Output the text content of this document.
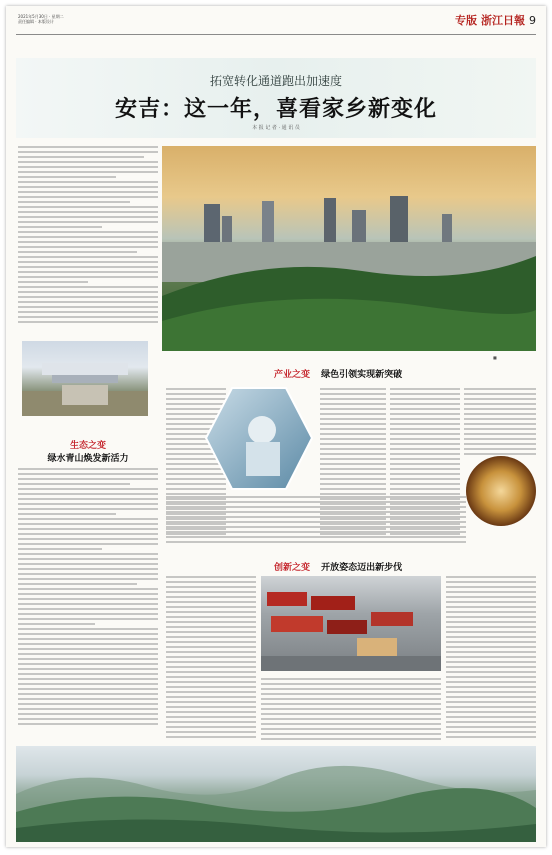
2021年5月30日 · 星期二
责任编辑 · 本版设计	专版 浙江日報 9
拓宽转化通道跑出加速度
安吉：这一年，喜看家乡新变化
本 报 记 者 · 通 讯 员
■
生态之变
绿水青山焕发新活力
产业之变 绿色引领实现新突破
创新之变 开放姿态迈出新步伐
